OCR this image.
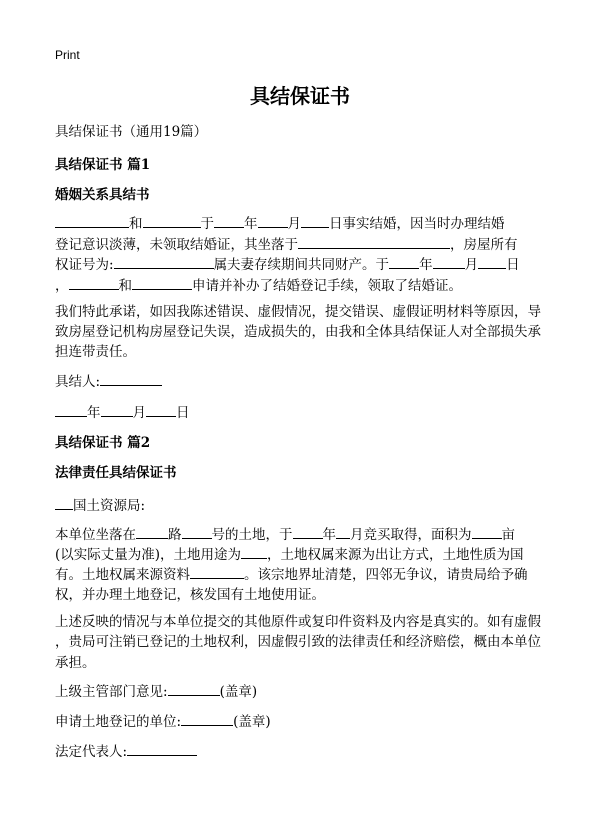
Print
具结保证书
具结保证书（通用19篇）
具结保证书 篇1
婚姻关系具结书
和	于 年 月 日事实结婚，因当时办理结婚
登记意识淡薄，未领取结婚证，其坐落于	，房屋所有
权证号为:	属夫妻存续期间共同财产。于 年 月 日
，	和	申请并补办了结婚登记手续，领取了结婚证。
我们特此承诺，如因我陈述错误、虚假情况，提交错误、虚假证明材料等原因，导
致房屋登记机构房屋登记失误，造成损失的，由我和全体具结保证人对全部损失承
担连带责任。
具结人:
年 月 日
具结保证书 篇2
法律责任具结保证书
国土资源局:
本单位坐落在 路 号的土地，于 年 月竞买取得，面积为 亩
(以实际丈量为准)，土地用途为 ，土地权属来源为出让方式，土地性质为国
有。土地权属来源资料	。该宗地界址清楚，四邻无争议，请贵局给予确
权，并办理土地登记，核发国有土地使用证。
上述反映的情况与本单位提交的其他原件或复印件资料及内容是真实的。如有虚假
，贵局可注销已登记的土地权利，因虚假引致的法律责任和经济赔偿，概由本单位
承担。
上级主管部门意见:	(盖章)
申请土地登记的单位:	(盖章)
法定代表人:
